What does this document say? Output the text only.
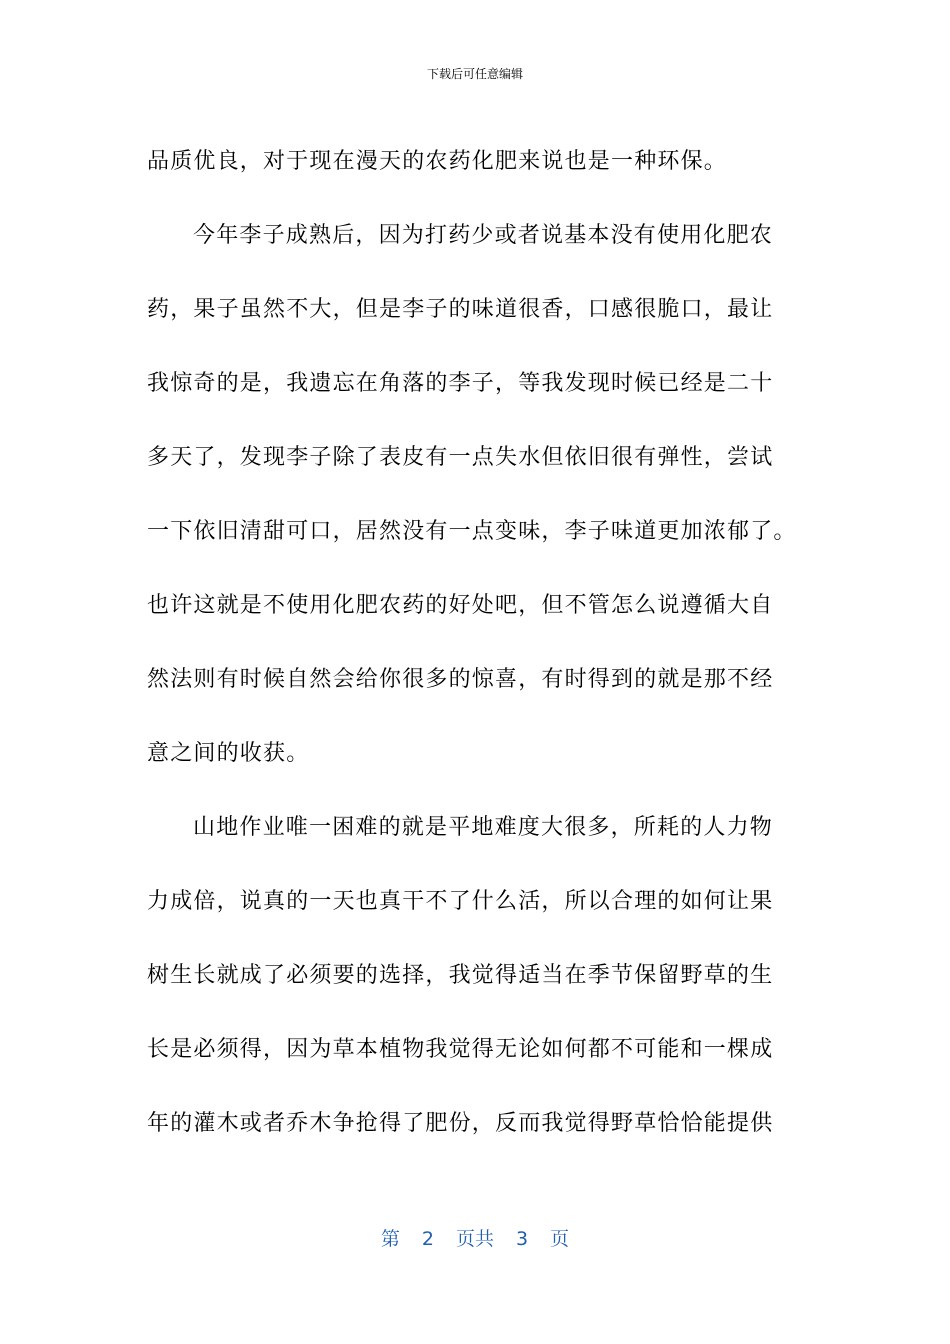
下载后可任意编辑
品质优良，对于现在漫天的农药化肥来说也是一种环保。
今年李子成熟后，因为打药少或者说基本没有使用化肥农
药，果子虽然不大，但是李子的味道很香，口感很脆口，最让
我惊奇的是，我遗忘在角落的李子，等我发现时候已经是二十
多天了，发现李子除了表皮有一点失水但依旧很有弹性，尝试
一下依旧清甜可口，居然没有一点变味，李子味道更加浓郁了。
也许这就是不使用化肥农药的好处吧，但不管怎么说遵循大自
然法则有时候自然会给你很多的惊喜，有时得到的就是那不经
意之间的收获。
山地作业唯一困难的就是平地难度大很多，所耗的人力物
力成倍，说真的一天也真干不了什么活，所以合理的如何让果
树生长就成了必须要的选择，我觉得适当在季节保留野草的生
长是必须得，因为草本植物我觉得无论如何都不可能和一棵成
年的灌木或者乔木争抢得了肥份，反而我觉得野草恰恰能提供
第 2 页共 3 页
